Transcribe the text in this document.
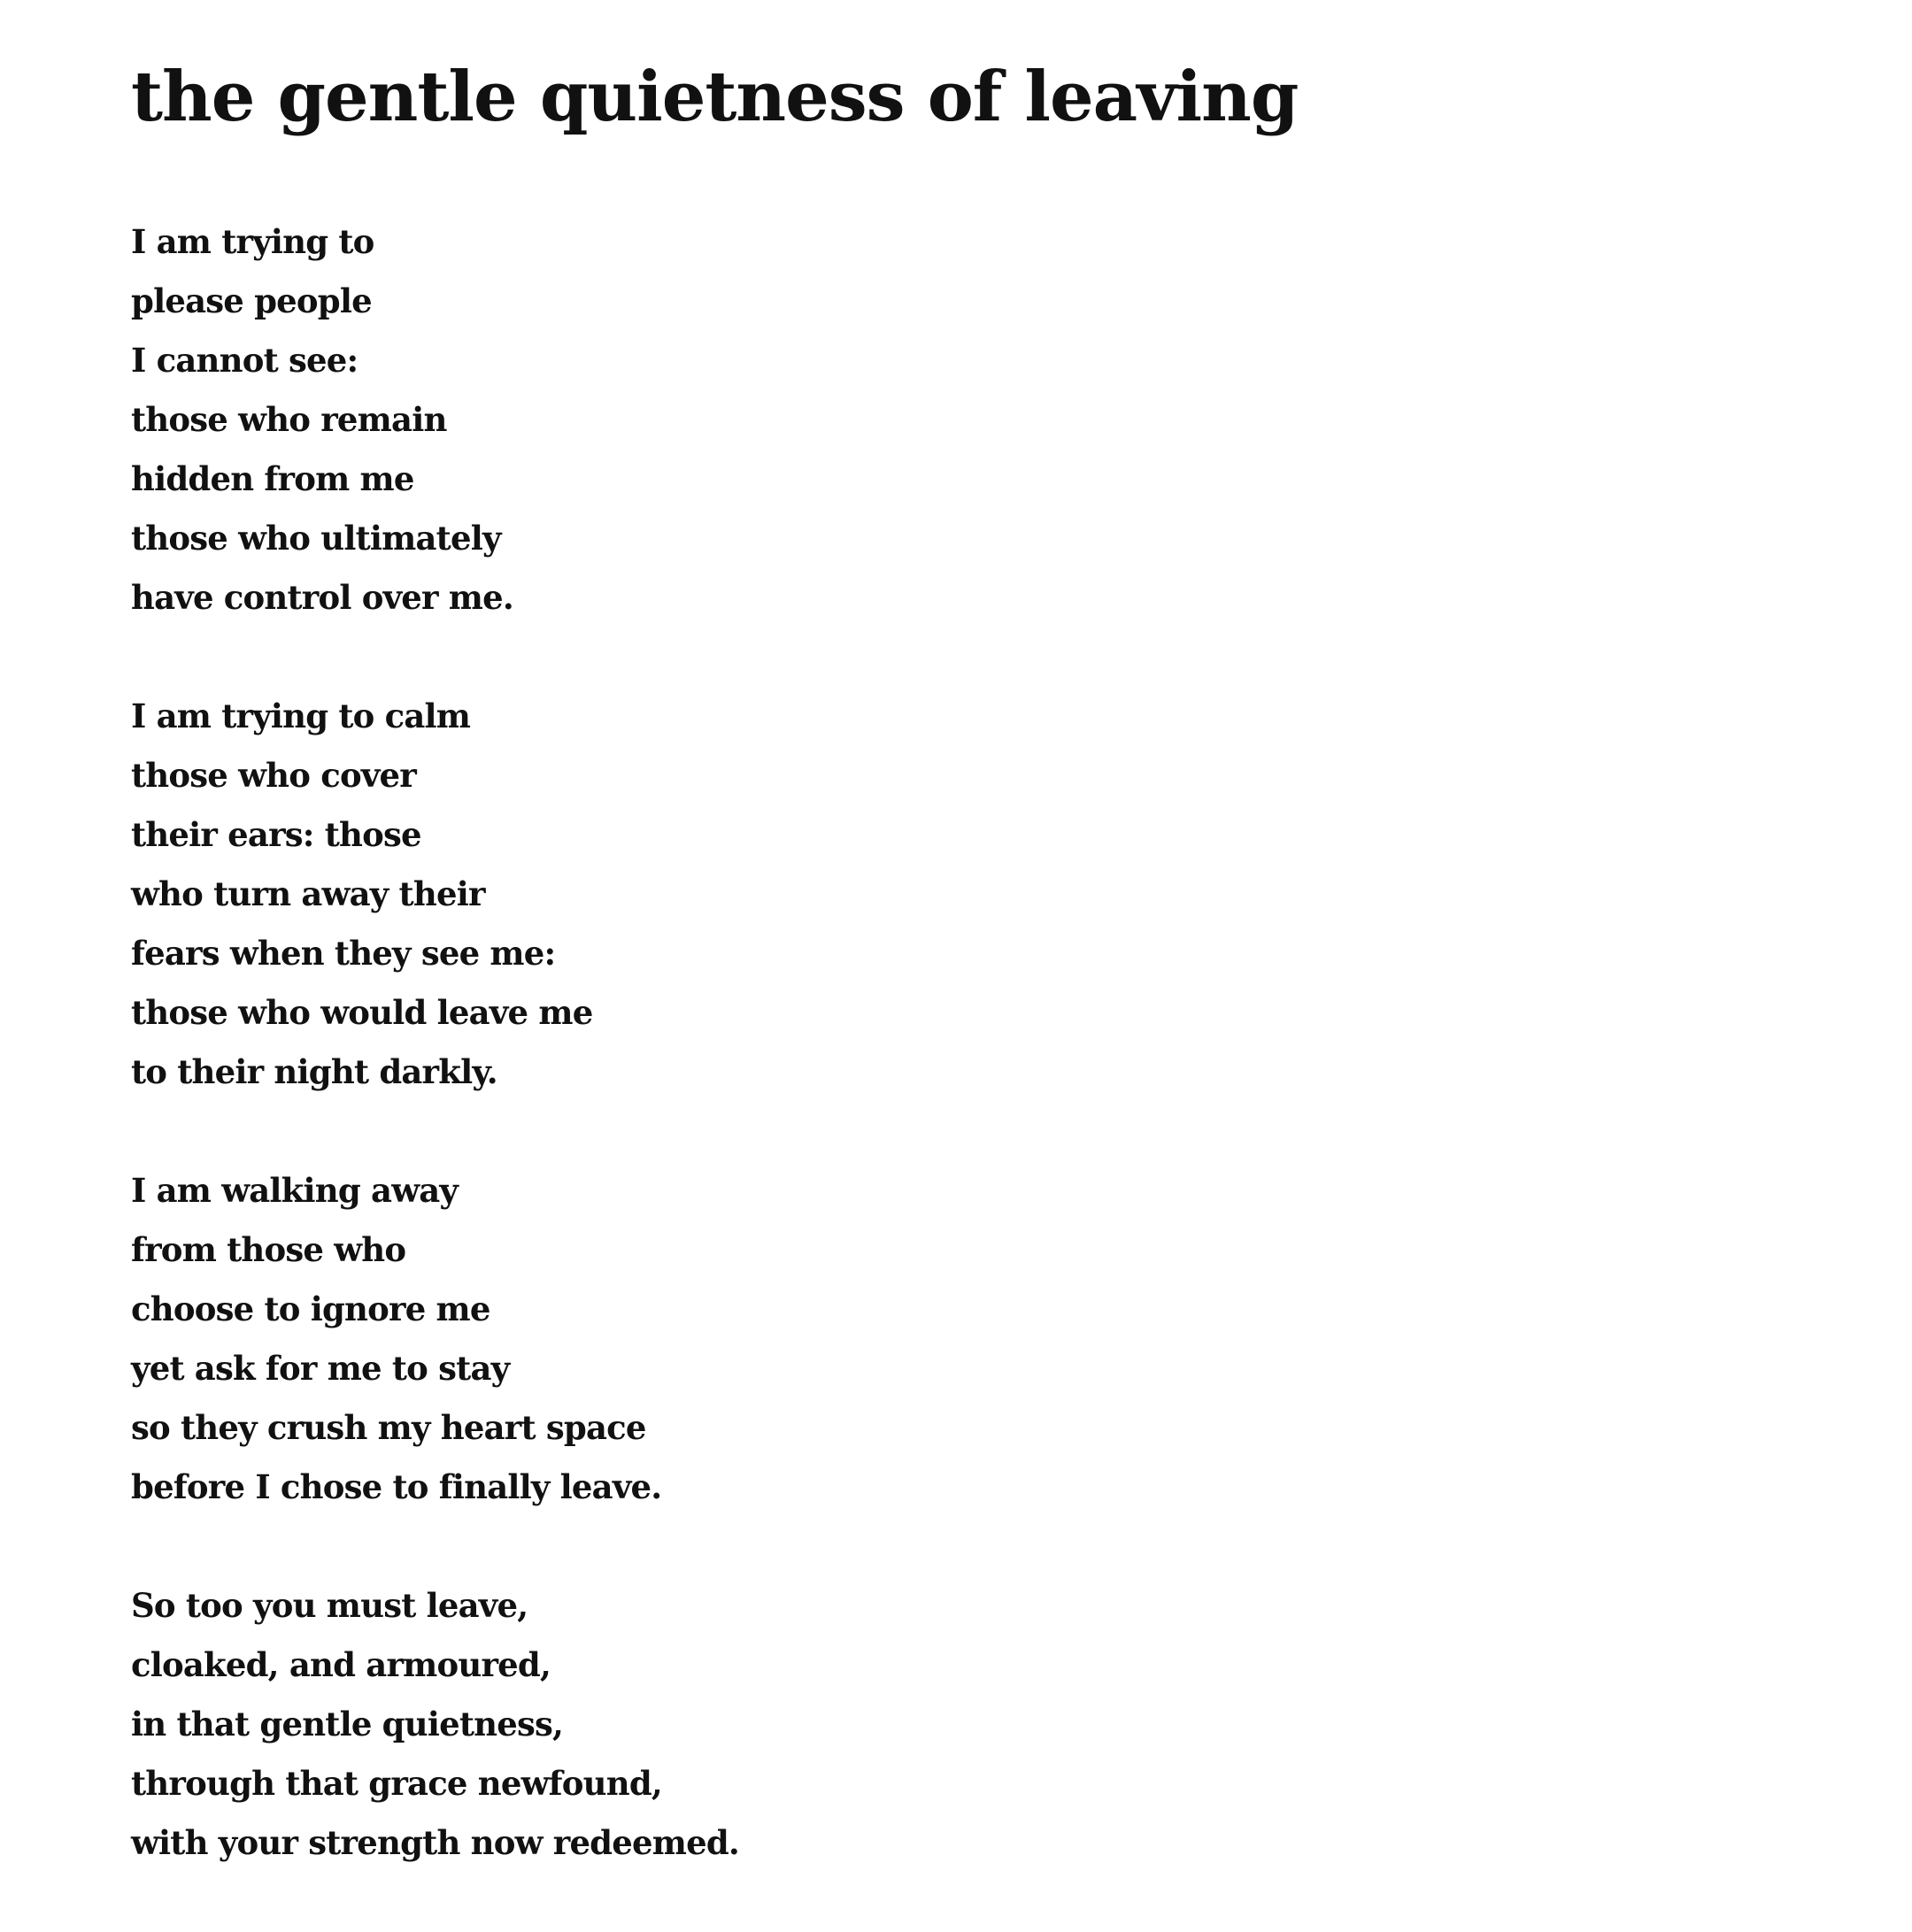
the gentle quietness of leaving
I am trying to
please people
I cannot see:
those who remain
hidden from me
those who ultimately
have control over me.
I am trying to calm
those who cover
their ears: those
who turn away their
fears when they see me:
those who would leave me
to their night darkly.
I am walking away
from those who
choose to ignore me
yet ask for me to stay
so they crush my heart space
before I chose to finally leave.
So too you must leave,
cloaked, and armoured,
in that gentle quietness,
through that grace newfound,
with your strength now redeemed.
